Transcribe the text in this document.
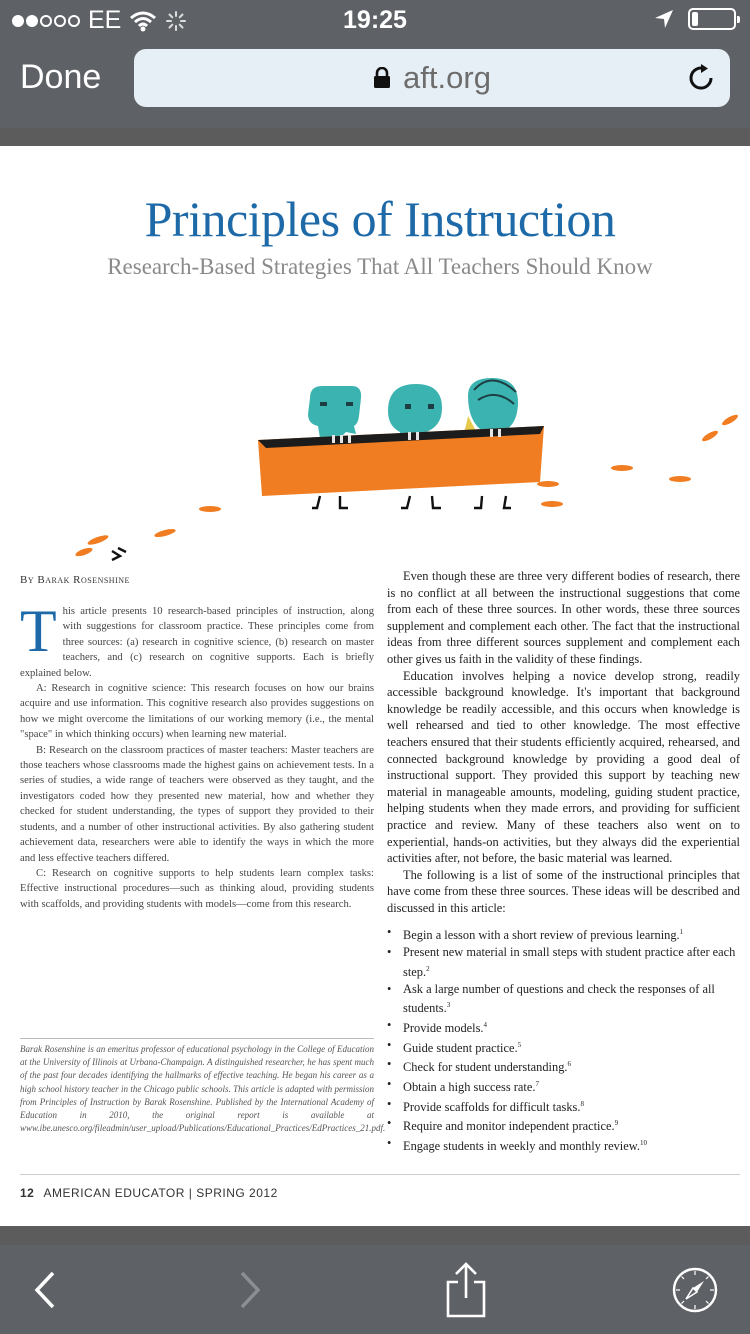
EE	19:25
Done	aft.org
Principles of Instruction
Research-Based Strategies That All Teachers Should Know
By Barak Rosenshine
T his article presents 10 research-based principles of instruction, along with suggestions for classroom practice. These principles come from three sources: (a) research in cognitive science, (b) research on master teachers, and (c) research on cognitive supports. Each is briefly explained below.

A: Research in cognitive science: This research focuses on how our brains acquire and use information. This cognitive research also provides suggestions on how we might overcome the limitations of our working memory (i.e., the mental "space" in which thinking occurs) when learning new material.

B: Research on the classroom practices of master teachers: Master teachers are those teachers whose classrooms made the highest gains on achievement tests. In a series of studies, a wide range of teachers were observed as they taught, and the investigators coded how they presented new material, how and whether they checked for student understanding, the types of support they provided to their students, and a number of other instructional activities. By also gathering student achievement data, researchers were able to identify the ways in which the more and less effective teachers differed.

C: Research on cognitive supports to help students learn complex tasks: Effective instructional procedures—such as thinking aloud, providing students with scaffolds, and providing students with models—come from this research.

Barak Rosenshine is an emeritus professor of educational psychology in the College of Education at the University of Illinois at Urbana-Champaign. A distinguished researcher, he has spent much of the past four decades identifying the hallmarks of effective teaching. He began his career as a high school history teacher in the Chicago public schools. This article is adapted with permission from Principles of Instruction by Barak Rosenshine. Published by the International Academy of Education in 2010, the original report is available at www.ibe.unesco.org/fileadmin/user_upload/Publications/Educational_Practices/EdPractices_21.pdf.

Even though these are three very different bodies of research, there is no conflict at all between the instructional suggestions that come from each of these three sources. In other words, these three sources supplement and complement each other. The fact that the instructional ideas from three different sources supplement and complement each other gives us faith in the validity of these findings.

Education involves helping a novice develop strong, readily accessible background knowledge. It's important that background knowledge be readily accessible, and this occurs when knowledge is well rehearsed and tied to other knowledge. The most effective teachers ensured that their students efficiently acquired, rehearsed, and connected background knowledge by providing a good deal of instructional support. They provided this support by teaching new material in manageable amounts, modeling, guiding student practice, helping students when they made errors, and providing for sufficient practice and review. Many of these teachers also went on to experiential, hands-on activities, but they always did the experiential activities after, not before, the basic material was learned.

The following is a list of some of the instructional principles that have come from these three sources. These ideas will be described and discussed in this article:

• Begin a lesson with a short review of previous learning.$^1$
• Present new material in small steps with student practice after each step.$^2$
• Ask a large number of questions and check the responses of all students.$^3$
• Provide models.$^4$
• Guide student practice.$^5$
• Check for student understanding.$^6$
• Obtain a high success rate.$^7$
• Provide scaffolds for difficult tasks.$^8$
• Require and monitor independent practice.$^9$
• Engage students in weekly and monthly review.$^{10}$
12 AMERICAN EDUCATOR | SPRING 2012
